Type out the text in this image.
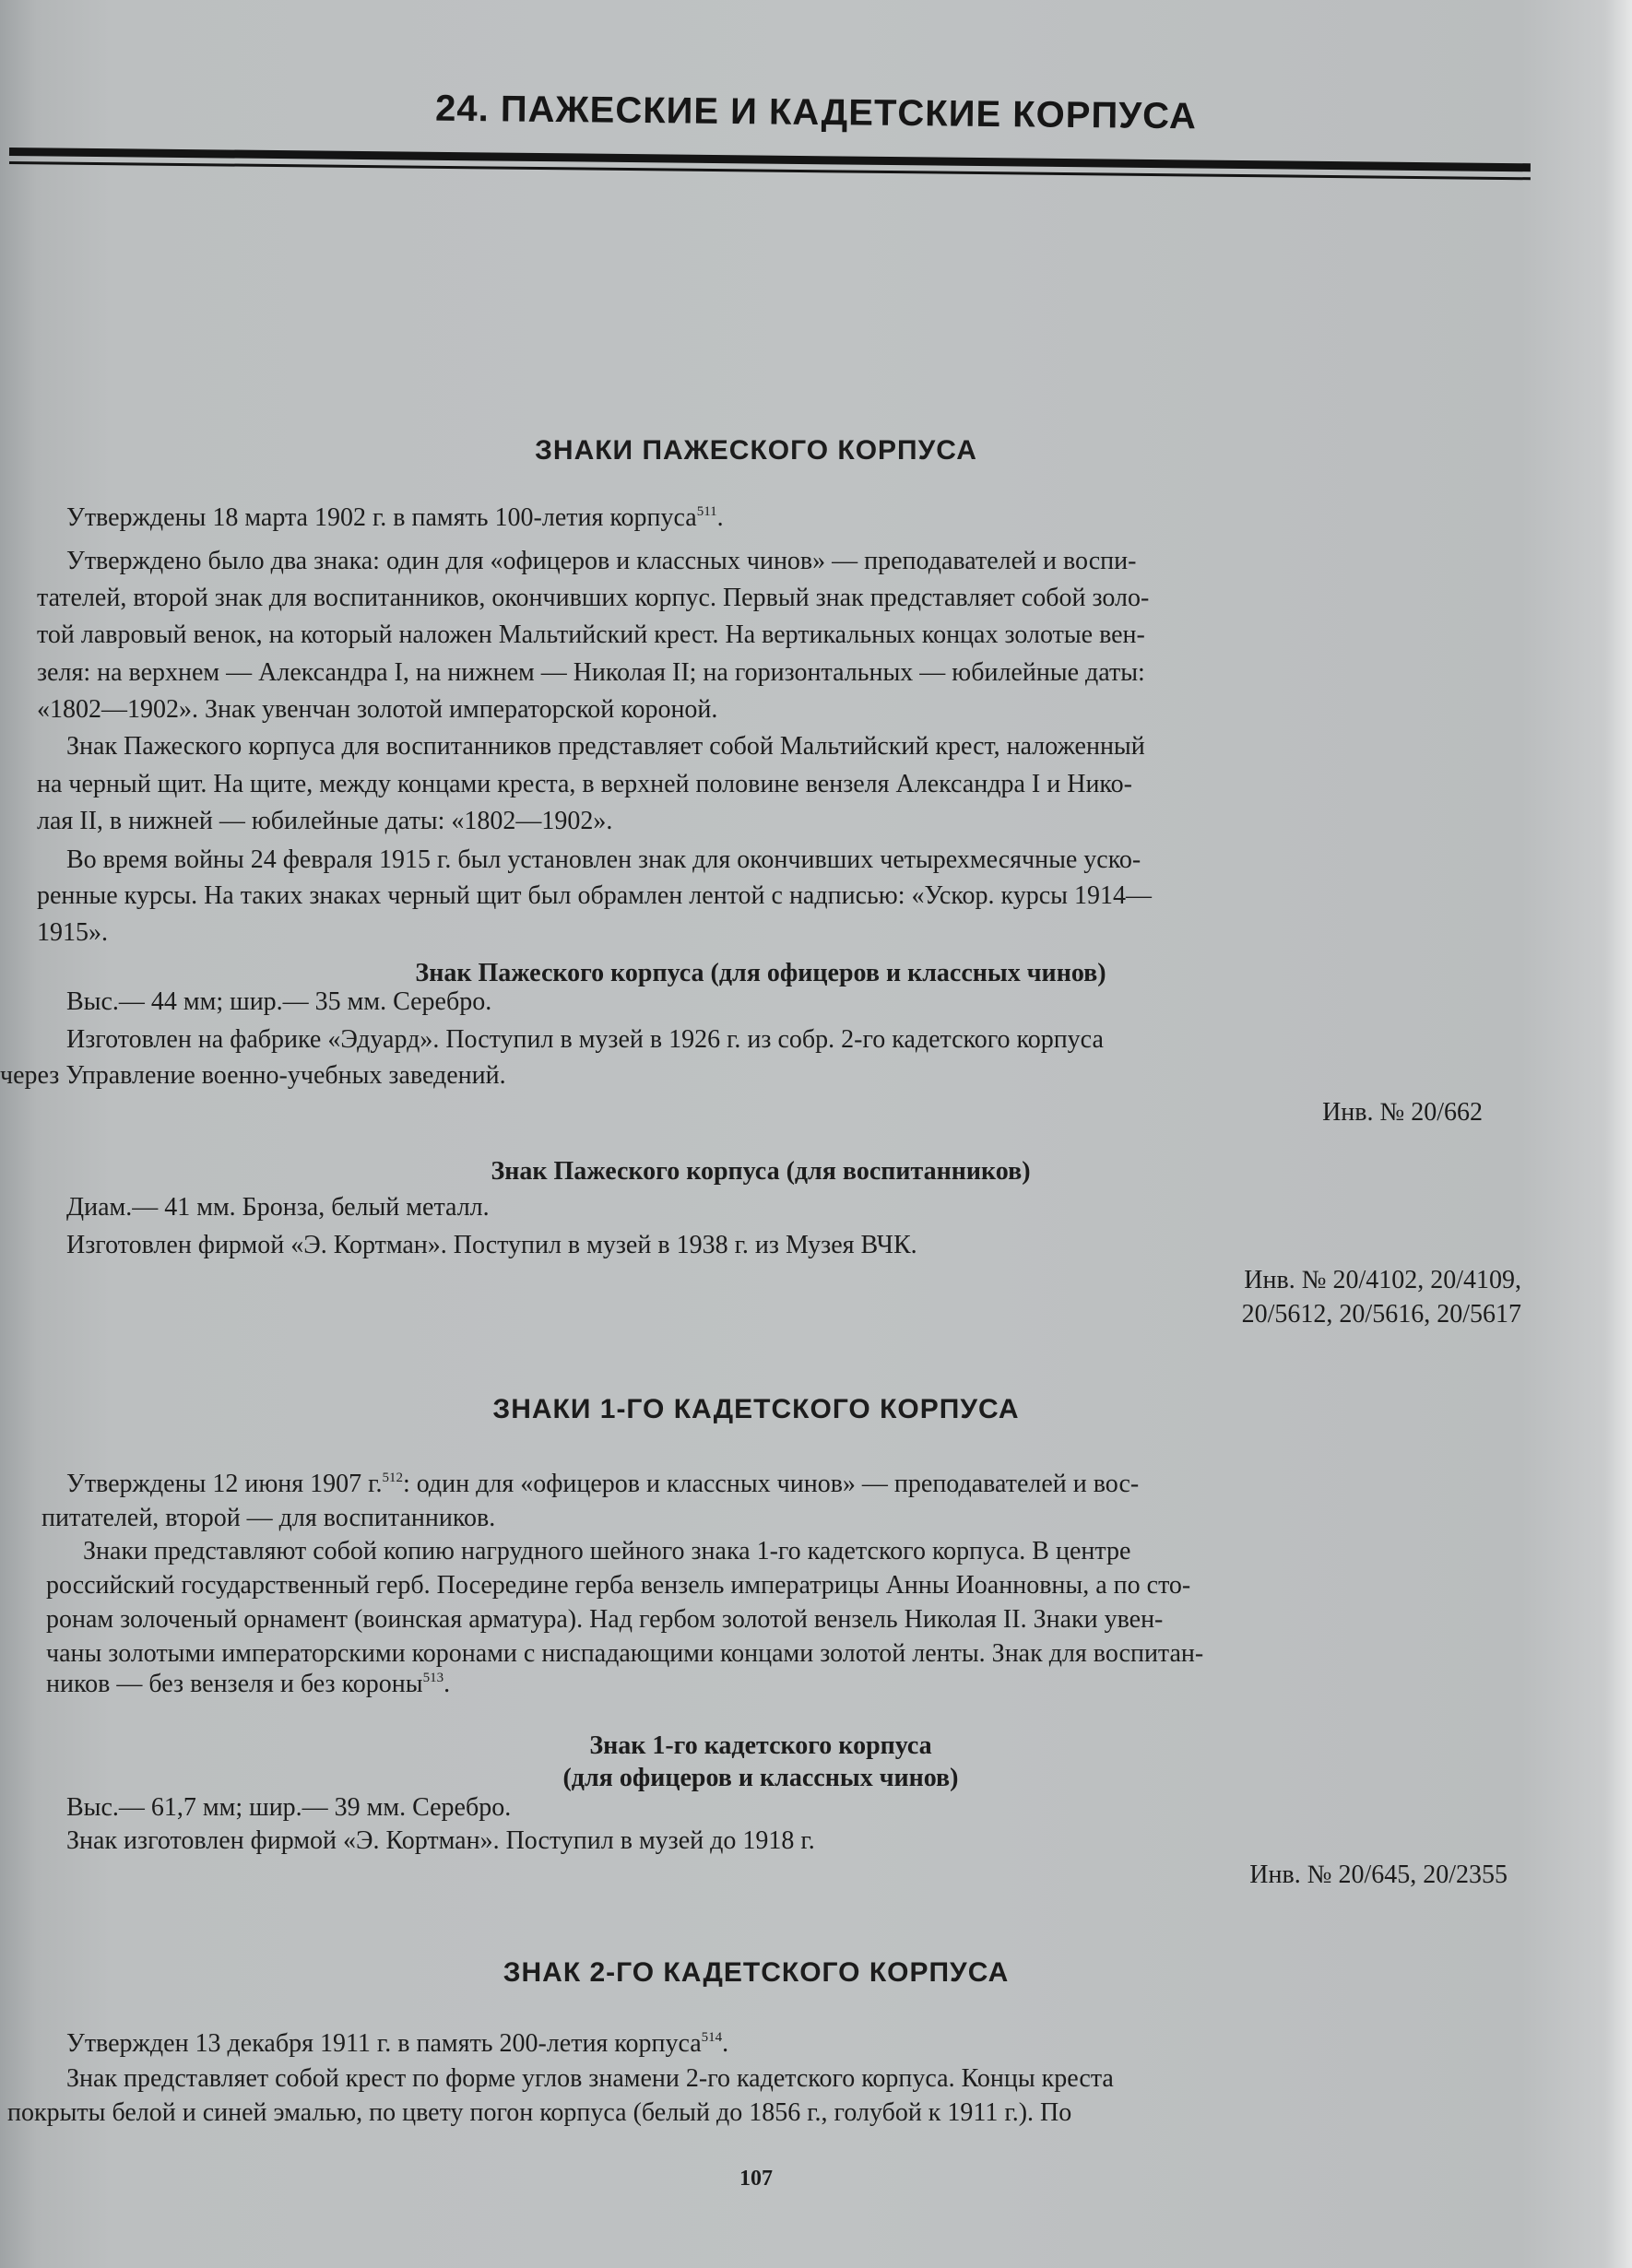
24. ПАЖЕСКИЕ И КАДЕТСКИЕ КОРПУСА
ЗНАКИ ПАЖЕСКОГО КОРПУСА
Утверждены 18 марта 1902 г. в память 100-летия корпуса$^{511}$.
Утверждено было два знака: один для «офицеров и классных чинов» — преподавателей и воспи-
тателей, второй знак для воспитанников, окончивших корпус. Первый знак представляет собой золо-
той лавровый венок, на который наложен Мальтийский крест. На вертикальных концах золотые вен-
зеля: на верхнем — Александра I, на нижнем — Николая II; на горизонтальных — юбилейные даты:
«1802—1902». Знак увенчан золотой императорской короной.
Знак Пажеского корпуса для воспитанников представляет собой Мальтийский крест, наложенный
на черный щит. На щите, между концами креста, в верхней половине вензеля Александра I и Нико-
лая II, в нижней — юбилейные даты: «1802—1902».
Во время войны 24 февраля 1915 г. был установлен знак для окончивших четырехмесячные уско-
ренные курсы. На таких знаках черный щит был обрамлен лентой с надписью: «Ускор. курсы 1914—
1915».
Знак Пажеского корпуса (для офицеров и классных чинов)
Выс.— 44 мм; шир.— 35 мм. Серебро.
Изготовлен на фабрике «Эдуард». Поступил в музей в 1926 г. из собр. 2-го кадетского корпуса
через Управление военно-учебных заведений.
Инв. № 20/662
Знак Пажеского корпуса (для воспитанников)
Диам.— 41 мм. Бронза, белый металл.
Изготовлен фирмой «Э. Кортман». Поступил в музей в 1938 г. из Музея ВЧК.
Инв. № 20/4102, 20/4109,
20/5612, 20/5616, 20/5617
ЗНАКИ 1-ГО КАДЕТСКОГО КОРПУСА
Утверждены 12 июня 1907 г.$^{512}$: один для «офицеров и классных чинов» — преподавателей и вос-
питателей, второй — для воспитанников.
Знаки представляют собой копию нагрудного шейного знака 1-го кадетского корпуса. В центре
российский государственный герб. Посередине герба вензель императрицы Анны Иоанновны, а по сто-
ронам золоченый орнамент (воинская арматура). Над гербом золотой вензель Николая II. Знаки увен-
чаны золотыми императорскими коронами с ниспадающими концами золотой ленты. Знак для воспитан-
ников — без вензеля и без короны$^{513}$.
Знак 1-го кадетского корпуса
(для офицеров и классных чинов)
Выс.— 61,7 мм; шир.— 39 мм. Серебро.
Знак изготовлен фирмой «Э. Кортман». Поступил в музей до 1918 г.
Инв. № 20/645, 20/2355
ЗНАК 2-ГО КАДЕТСКОГО КОРПУСА
Утвержден 13 декабря 1911 г. в память 200-летия корпуса$^{514}$.
Знак представляет собой крест по форме углов знамени 2-го кадетского корпуса. Концы креста
покрыты белой и синей эмалью, по цвету погон корпуса (белый до 1856 г., голубой к 1911 г.). По
107
